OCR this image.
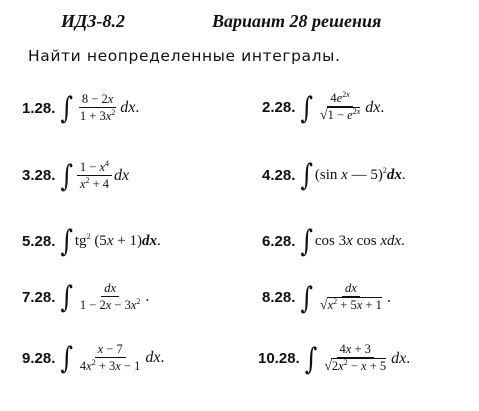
ИДЗ-8.2	Вариант 28 решения
Найти неопределенные интегралы.
1.28. ∫ $\frac{8 - 2x}{1 + 3x^2}$ dx .	2.28. ∫ $\frac{4e^{2x}}{√1 - e^{2x}}$ dx .
3.28. ∫ $\frac{1 - x^4}{x^2 + 4}$ dx	4.28. ∫ (sin x — 5)$^2$ dx .
5.28. ∫ $tg^2$ (5x + 1) dx .	6.28. ∫ cos 3x cos x dx .
7.28. ∫ $\frac{dx}{1 - 2x - 3x^2}$ .	8.28. ∫ $\frac{dx}{√x^2 + 5x + 1}$ .
9.28. ∫ $\frac{x - 7}{4x^2 + 3x - 1}$ dx .	10.28. ∫ $\frac{4x + 3}{√2x^2 - x + 5}$ dx .
